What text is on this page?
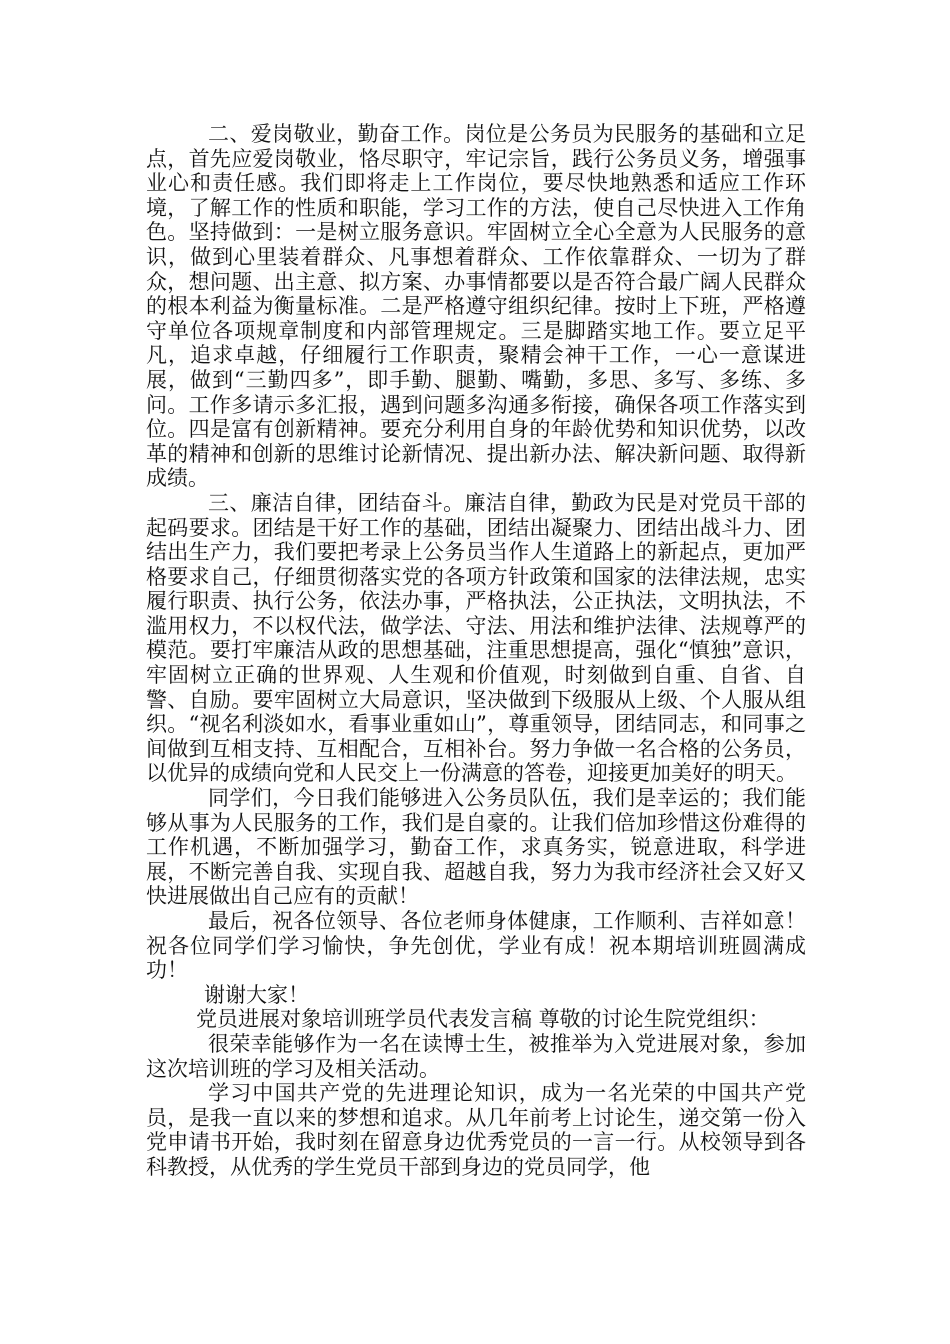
二、爱岗敬业，勤奋工作。岗位是公务员为民服务的基础和立足点，首先应爱岗敬业，恪尽职守，牢记宗旨，践行公务员义务，增强事业心和责任感。我们即将走上工作岗位，要尽快地熟悉和适应工作环境，了解工作的性质和职能，学习工作的方法，使自己尽快进入工作角色。坚持做到：一是树立服务意识。牢固树立全心全意为人民服务的意识，做到心里装着群众、凡事想着群众、工作依靠群众、一切为了群众，想问题、出主意、拟方案、办事情都要以是否符合最广阔人民群众的根本利益为衡量标准。二是严格遵守组织纪律。按时上下班，严格遵守单位各项规章制度和内部管理规定。三是脚踏实地工作。要立足平凡，追求卓越，仔细履行工作职责，聚精会神干工作，一心一意谋进展，做到“三勤四多”，即手勤、腿勤、嘴勤，多思、多写、多练、多问。工作多请示多汇报，遇到问题多沟通多衔接，确保各项工作落实到位。四是富有创新精神。要充分利用自身的年龄优势和知识优势，以改革的精神和创新的思维讨论新情况、提出新办法、解决新问题、取得新成绩。

三、廉洁自律，团结奋斗。廉洁自律，勤政为民是对党员干部的起码要求。团结是干好工作的基础，团结出凝聚力、团结出战斗力、团结出生产力，我们要把考录上公务员当作人生道路上的新起点，更加严格要求自己，仔细贯彻落实党的各项方针政策和国家的法律法规，忠实履行职责、执行公务，依法办事，严格执法，公正执法，文明执法，不滥用权力，不以权代法，做学法、守法、用法和维护法律、法规尊严的模范。要打牢廉洁从政的思想基础，注重思想提高，强化“慎独”意识，牢固树立正确的世界观、人生观和价值观，时刻做到自重、自省、自警、自励。要牢固树立大局意识，坚决做到下级服从上级、个人服从组织。“视名利淡如水，看事业重如山”，尊重领导，团结同志，和同事之间做到互相支持、互相配合，互相补台。努力争做一名合格的公务员，以优异的成绩向党和人民交上一份满意的答卷，迎接更加美好的明天。

同学们，今日我们能够进入公务员队伍，我们是幸运的；我们能够从事为人民服务的工作，我们是自豪的。让我们倍加珍惜这份难得的工作机遇，不断加强学习，勤奋工作，求真务实，锐意进取，科学进展，不断完善自我、实现自我、超越自我，努力为我市经济社会又好又快进展做出自己应有的贡献！

最后，祝各位领导、各位老师身体健康，工作顺利、吉祥如意！祝各位同学们学习愉快，争先创优，学业有成！祝本期培训班圆满成功！

谢谢大家！

党员进展对象培训班学员代表发言稿 尊敬的讨论生院党组织：

很荣幸能够作为一名在读博士生，被推举为入党进展对象，参加这次培训班的学习及相关活动。

学习中国共产党的先进理论知识，成为一名光荣的中国共产党员，是我一直以来的梦想和追求。从几年前考上讨论生，递交第一份入党申请书开始，我时刻在留意身边优秀党员的一言一行。从校领导到各科教授，从优秀的学生党员干部到身边的党员同学，他
